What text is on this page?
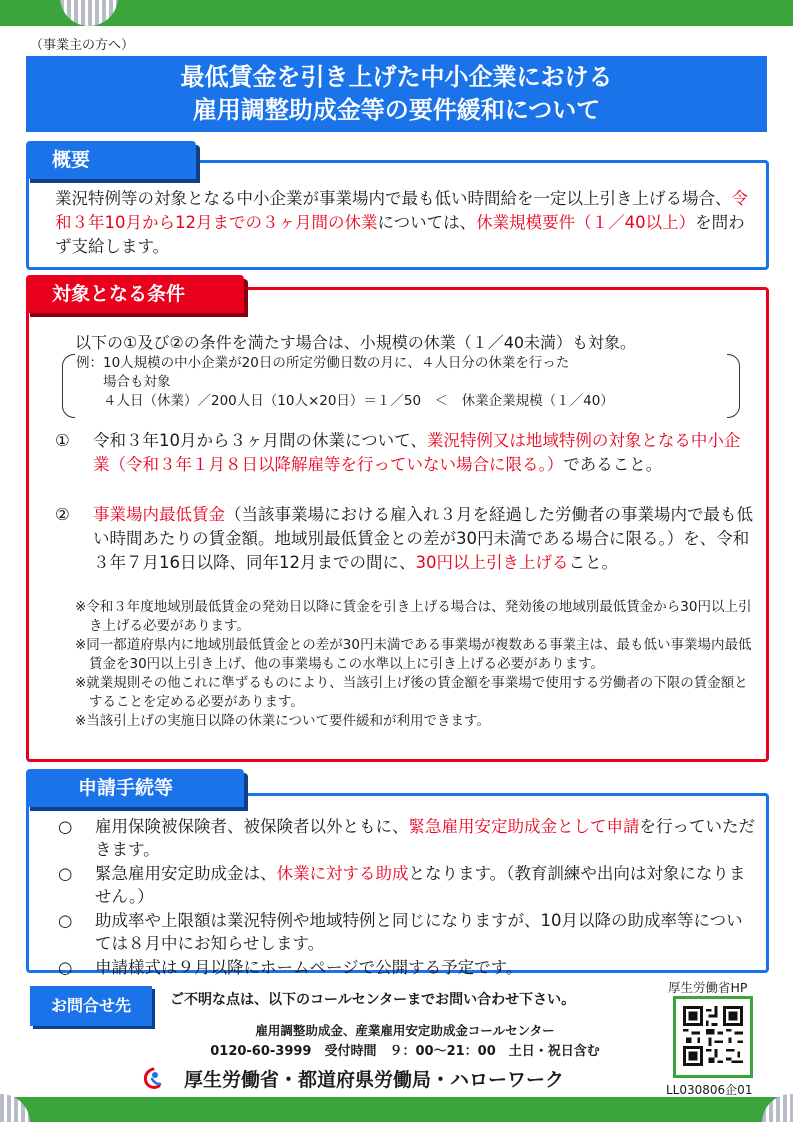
（事業主の方へ）
最低賃金を引き上げた中小企業における
雇用調整助成金等の要件緩和について
概要
業況特例等の対象となる中小企業が事業場内で最も低い時間給を一定以上引き上げる場合、令和３年10月から12月までの３ヶ月間の休業については、休業規模要件（１／40以上）を問わず支給します。
対象となる条件
以下の①及び②の条件を満たす場合は、小規模の休業（１／40未満）も対象。
例：10人規模の中小企業が20日の所定労働日数の月に、４人日分の休業を行った
　　場合も対象
　　４人日（休業）／200人日（10人×20日）＝１／50　＜　休業企業規模（１／40）
① 令和３年10月から３ヶ月間の休業について、業況特例又は地域特例の対象となる中小企業（令和３年１月８日以降解雇等を行っていない場合に限る。）であること。
② 事業場内最低賃金（当該事業場における雇入れ３月を経過した労働者の事業場内で最も低い時間あたりの賃金額。地域別最低賃金との差が30円未満である場合に限る。）を、令和３年７月16日以降、同年12月までの間に、30円以上引き上げること。
※令和３年度地域別最低賃金の発効日以降に賃金を引き上げる場合は、発効後の地域別最低賃金から30円以上引き上げる必要があります。
※同一都道府県内に地域別最低賃金との差が30円未満である事業場が複数ある事業主は、最も低い事業場内最低賃金を30円以上引き上げ、他の事業場もこの水準以上に引き上げる必要があります。
※就業規則その他これに準ずるものにより、当該引上げ後の賃金額を事業場で使用する労働者の下限の賃金額とすることを定める必要があります。
※当該引上げの実施日以降の休業について要件緩和が利用できます。
申請手続等
○ 雇用保険被保険者、被保険者以外ともに、緊急雇用安定助成金として申請を行っていただきます。
○ 緊急雇用安定助成金は、休業に対する助成となります。（教育訓練や出向は対象になりません。）
○ 助成率や上限額は業況特例や地域特例と同じになりますが、10月以降の助成率等については８月中にお知らせします。
○ 申請様式は９月以降にホームページで公開する予定です。
お問合せ先	ご不明な点は、以下のコールセンターまでお問い合わせ下さい。
雇用調整助成金、産業雇用安定助成金コールセンター
0120-60-3999　受付時間　９：00～21：00　土日・祝日含む
厚生労働省・都道府県労働局・ハローワーク
厚生労働省HP
LL030806企01
